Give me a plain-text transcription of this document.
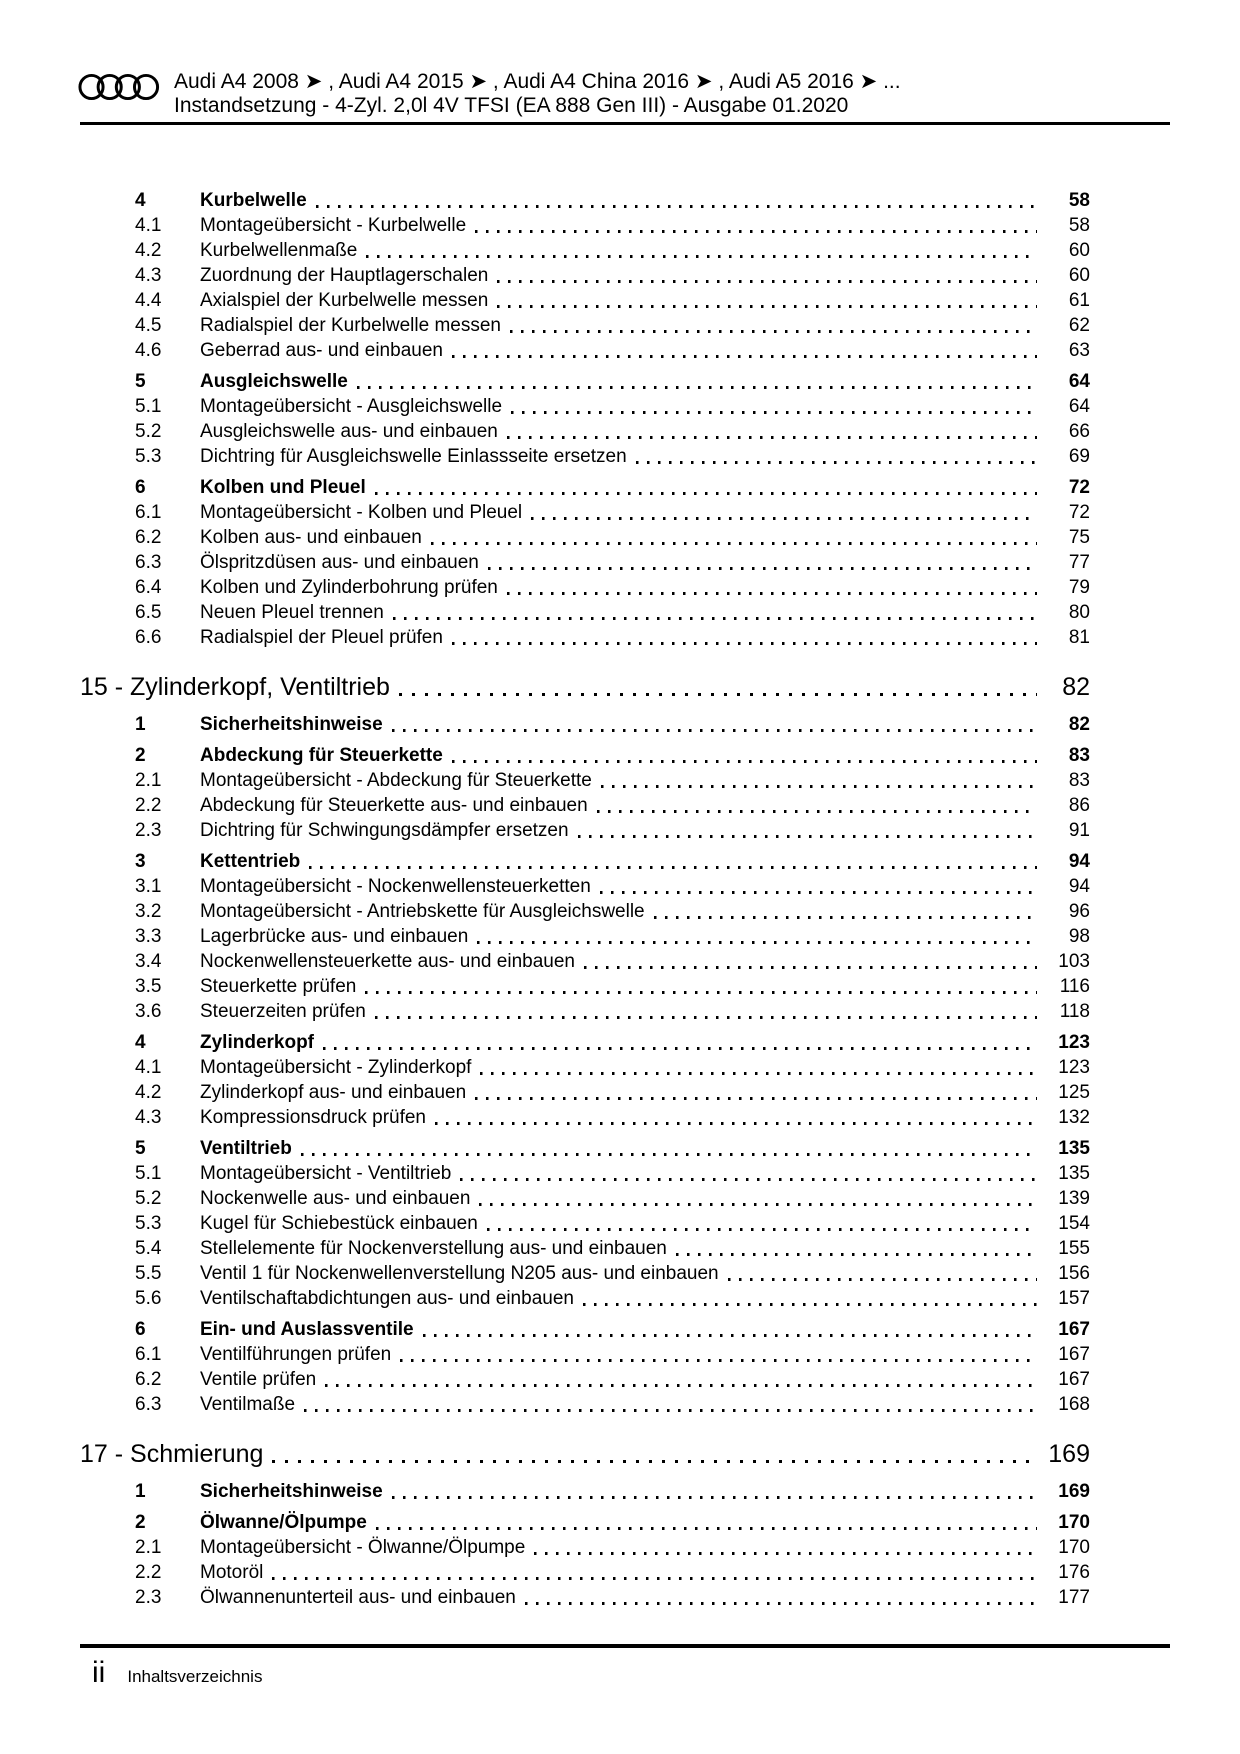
Audi A4 2008 ➤ , Audi A4 2015 ➤ , Audi A4 China 2016 ➤ , Audi A5 2016 ➤ ...
Instandsetzung - 4-Zyl. 2,0l 4V TFSI (EA 888 Gen III) - Ausgabe 01.2020
4	Kurbelwelle	58
4.1	Montageübersicht - Kurbelwelle	58
4.2	Kurbelwellenmaße	60
4.3	Zuordnung der Hauptlagerschalen	60
4.4	Axialspiel der Kurbelwelle messen	61
4.5	Radialspiel der Kurbelwelle messen	62
4.6	Geberrad aus- und einbauen	63
5	Ausgleichswelle	64
5.1	Montageübersicht - Ausgleichswelle	64
5.2	Ausgleichswelle aus- und einbauen	66
5.3	Dichtring für Ausgleichswelle Einlassseite ersetzen	69
6	Kolben und Pleuel	72
6.1	Montageübersicht - Kolben und Pleuel	72
6.2	Kolben aus- und einbauen	75
6.3	Ölspritzdüsen aus- und einbauen	77
6.4	Kolben und Zylinderbohrung prüfen	79
6.5	Neuen Pleuel trennen	80
6.6	Radialspiel der Pleuel prüfen	81
15 - Zylinderkopf, Ventiltrieb	82
1	Sicherheitshinweise	82
2	Abdeckung für Steuerkette	83
2.1	Montageübersicht - Abdeckung für Steuerkette	83
2.2	Abdeckung für Steuerkette aus- und einbauen	86
2.3	Dichtring für Schwingungsdämpfer ersetzen	91
3	Kettentrieb	94
3.1	Montageübersicht - Nockenwellensteuerketten	94
3.2	Montageübersicht - Antriebskette für Ausgleichswelle	96
3.3	Lagerbrücke aus- und einbauen	98
3.4	Nockenwellensteuerkette aus- und einbauen	103
3.5	Steuerkette prüfen	116
3.6	Steuerzeiten prüfen	118
4	Zylinderkopf	123
4.1	Montageübersicht - Zylinderkopf	123
4.2	Zylinderkopf aus- und einbauen	125
4.3	Kompressionsdruck prüfen	132
5	Ventiltrieb	135
5.1	Montageübersicht - Ventiltrieb	135
5.2	Nockenwelle aus- und einbauen	139
5.3	Kugel für Schiebestück einbauen	154
5.4	Stellelemente für Nockenverstellung aus- und einbauen	155
5.5	Ventil 1 für Nockenwellenverstellung N205 aus- und einbauen	156
5.6	Ventilschaftabdichtungen aus- und einbauen	157
6	Ein- und Auslassventile	167
6.1	Ventilführungen prüfen	167
6.2	Ventile prüfen	167
6.3	Ventilmaße	168
17 - Schmierung	169
1	Sicherheitshinweise	169
2	Ölwanne/Ölpumpe	170
2.1	Montageübersicht - Ölwanne/Ölpumpe	170
2.2	Motoröl	176
2.3	Ölwannenunterteil aus- und einbauen	177
ii Inhaltsverzeichnis
